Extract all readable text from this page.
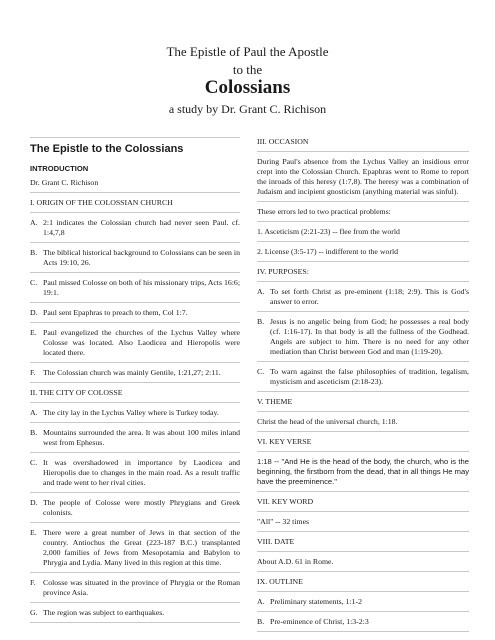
The Epistle of Paul the Apostle
to the
Colossians
a study by Dr. Grant C. Richison
The Epistle to the Colossians
INTRODUCTION
Dr. Grant C. Richison
I. ORIGIN OF THE COLOSSIAN CHURCH
A. 2:1 indicates the Colossian church had never seen Paul. cf. 1:4,7,8
B. The biblical historical background to Colossians can be seen in Acts 19:10, 26.
C. Paul missed Colosse on both of his missionary trips, Acts 16:6; 19:1.
D. Paul sent Epaphras to preach to them, Col 1:7.
E. Paul evangelized the churches of the Lychus Valley where Colosse was located. Also Laodicea and Hieropolis were located there.
F. The Colossian church was mainly Gentile, 1:21,27; 2:11.
II. THE CITY OF COLOSSE
A. The city lay in the Lychus Valley where is Turkey today.
B. Mountains surrounded the area. It was about 100 miles inland west from Ephesus.
C. It was overshadowed in importance by Laodicea and Hieropolis due to changes in the main road. As a result traffic and trade went to her rival cities.
D. The people of Colosse were mostly Phrygians and Greek colonists.
E. There were a great number of Jews in that section of the country. Antiochus the Great (223-187 B.C.) transplanted 2,000 families of Jews from Mesopotamia and Babylon to Phrygia and Lydia. Many lived in this region at this time.
F. Colosse was situated in the province of Phrygia or the Roman province Asia.
G. The region was subject to earthquakes.
III. OCCASION
During Paul's absence from the Lychus Valley an insidious error crept into the Colossian Church. Epaphras went to Rome to report the inroads of this heresy (1:7,8). The heresy was a combination of Judaism and incipient gnosticism (anything material was sinful).
These errors led to two practical problems:
1. Asceticism (2:21-23) -- flee from the world
2. License (3:5-17) -- indifferent to the world
IV. PURPOSES:
A. To set forth Christ as pre-eminent (1:18; 2:9). This is God's answer to error.
B. Jesus is no angelic being from God; he possesses a real body (cf. 1:16-17). In that body is all the fullness of the Godhead. Angels are subject to him. There is no need for any other mediation than Christ between God and man (1:19-20).
C. To warn against the false philosophies of tradition, legalism, mysticism and asceticism (2:18-23).
V. THEME
Christ the head of the universal church, 1:18.
VI. KEY VERSE
1:18 -- "And He is the head of the body, the church, who is the beginning, the firstborn from the dead, that in all things He may have the preeminence."
VII. KEY WORD
"All" -- 32 times
VIII. DATE
About A.D. 61 in Rome.
IX. OUTLINE
A. Preliminary statements, 1:1-2
B. Pre-eminence of Christ, 1:3-2:3
